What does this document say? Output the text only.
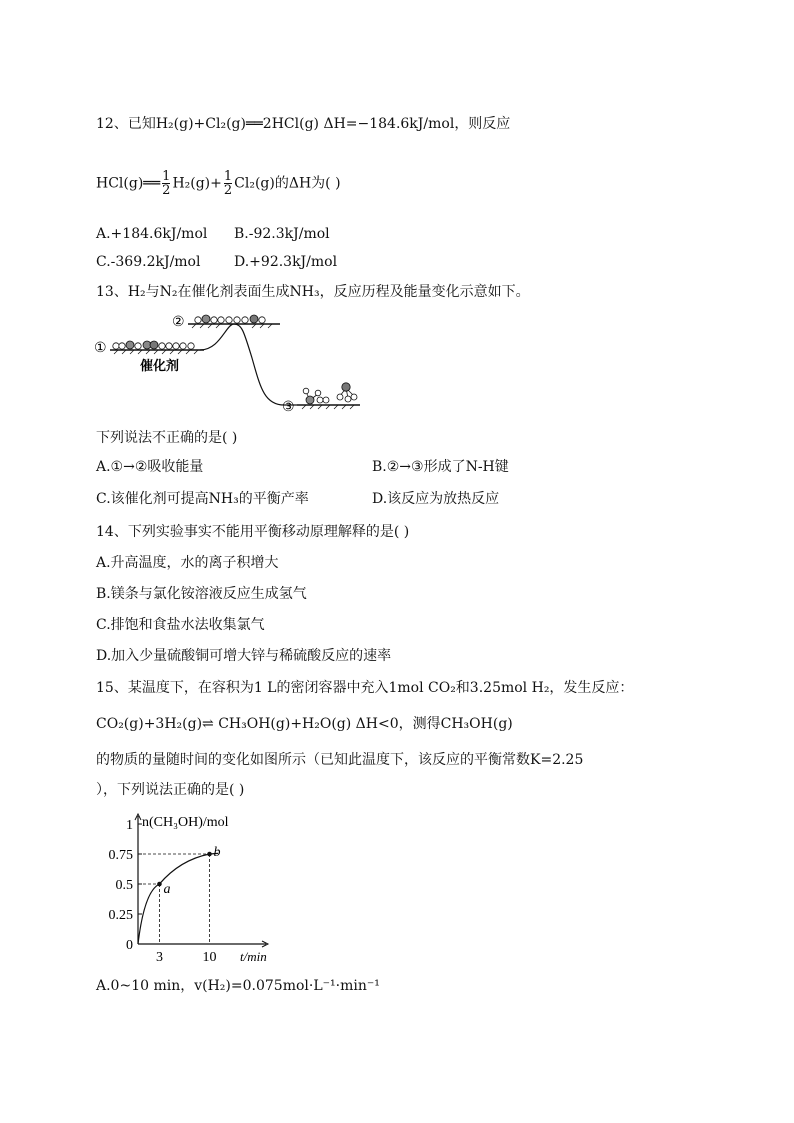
12、已知H₂(g)+Cl₂(g)══2HCl(g) ΔH=−184.6kJ/mol，则反应
HCl(g)══ $\frac{1}{2} H_2(g)+ \frac{1}{2} Cl_2(g)$的ΔH为( )
A.+184.6kJ/mol B.-92.3kJ/mol
C.-369.2kJ/mol D.+92.3kJ/mol
13、H₂与N₂在催化剂表面生成NH₃，反应历程及能量变化示意如下。
①
②
③
催化剂
下列说法不正确的是( )
A.①→②吸收能量	B.②→③形成了N-H键
C.该催化剂可提高NH₃的平衡产率	D.该反应为放热反应
14、下列实验事实不能用平衡移动原理解释的是( )
A.升高温度，水的离子积增大
B.镁条与氯化铵溶液反应生成氢气
C.排饱和食盐水法收集氯气
D.加入少量硫酸铜可增大锌与稀硫酸反应的速率
15、某温度下，在容积为1 L的密闭容器中充入1mol CO₂和3.25mol H₂，发生反应：
CO₂(g)+3H₂(g)⇌ CH₃OH(g)+H₂O(g) ΔH<0，测得CH₃OH(g)
的物质的量随时间的变化如图所示（已知此温度下，该反应的平衡常数K=2.25
），下列说法正确的是( )
0
0.25
0.5
0.75
1
3	10
n(CH₃OH)/mol
t/min
a
b
A.0~10 min，v(H₂)=0.075mol·L⁻¹·min⁻¹
